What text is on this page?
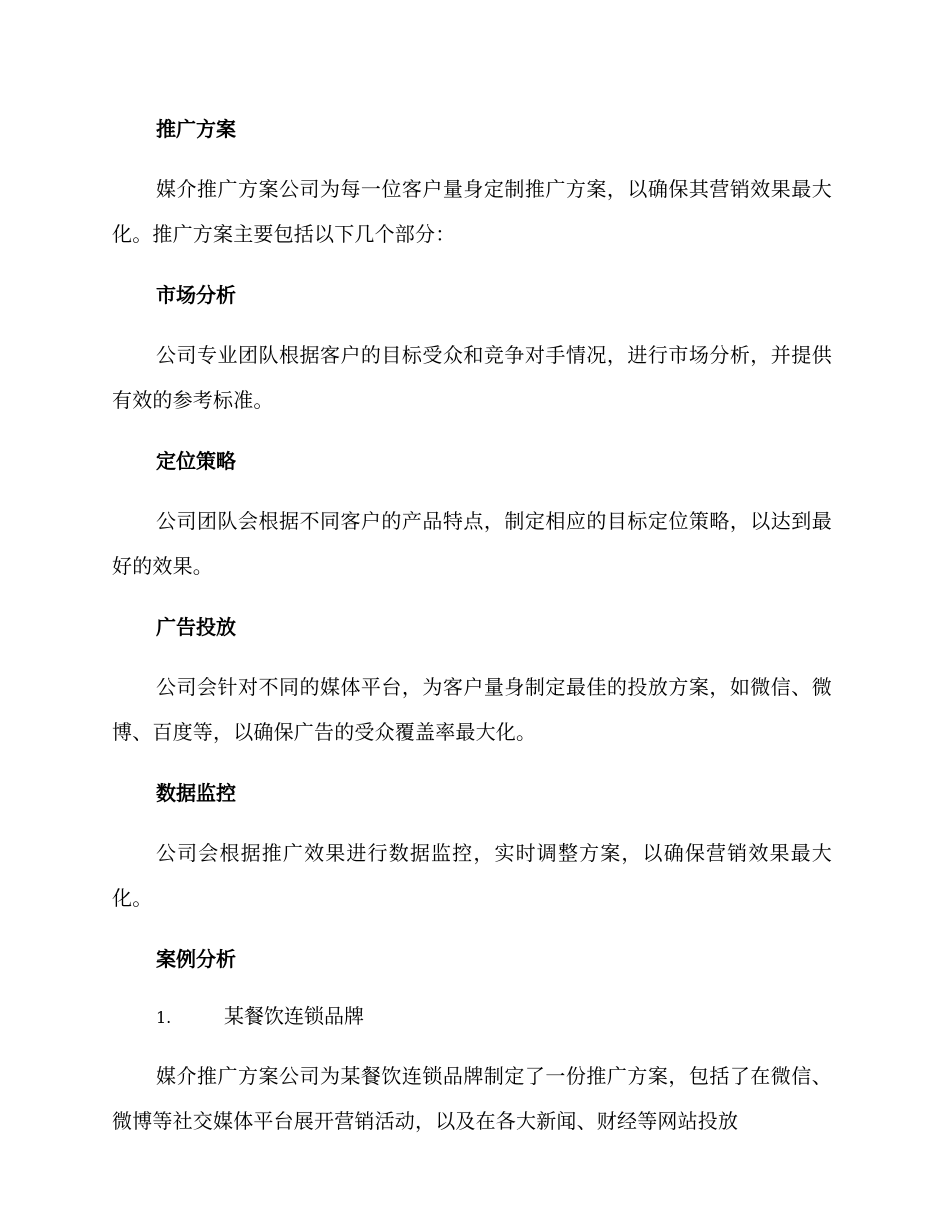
推广方案

媒介推广方案公司为每一位客户量身定制推广方案，以确保其营销效果最大化。推广方案主要包括以下几个部分：

市场分析

公司专业团队根据客户的目标受众和竞争对手情况，进行市场分析，并提供有效的参考标准。

定位策略

公司团队会根据不同客户的产品特点，制定相应的目标定位策略，以达到最好的效果。

广告投放

公司会针对不同的媒体平台，为客户量身制定最佳的投放方案，如微信、微博、百度等，以确保广告的受众覆盖率最大化。

数据监控

公司会根据推广效果进行数据监控，实时调整方案，以确保营销效果最大化。

案例分析
1.	某餐饮连锁品牌

媒介推广方案公司为某餐饮连锁品牌制定了一份推广方案，包括了在微信、微博等社交媒体平台展开营销活动，以及在各大新闻、财经等网站投放
